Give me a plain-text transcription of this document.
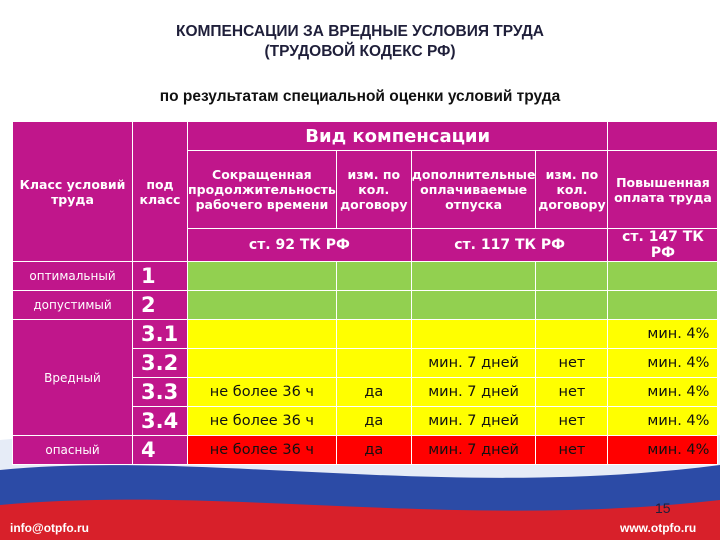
КОМПЕНСАЦИИ ЗА ВРЕДНЫЕ УСЛОВИЯ ТРУДА
(ТРУДОВОЙ КОДЕКС РФ)
по результатам специальной оценки условий труда
Класс условий труда	под класс	Вид компенсации				
		Сокращенная продолжительность рабочего времени	изм. по кол. договору	дополнительные оплачиваемые отпуска	изм. по кол. договору	Повышенная оплата труда
		ст. 92 ТК РФ		ст. 117 ТК РФ		ст. 147 ТК РФ
оптимальный	1					
допустимый	2					
Вредный	3.1					мин. 4%
	3.2			мин. 7 дней	нет	мин. 4%
	3.3	не более 36 ч	да	мин. 7 дней	нет	мин. 4%
	3.4	не более 36 ч	да	мин. 7 дней	нет	мин. 4%
опасный	4	не более 36 ч	да	мин. 7 дней	нет	мин. 4%
15
info@otpfo.ru	www.otpfo.ru
